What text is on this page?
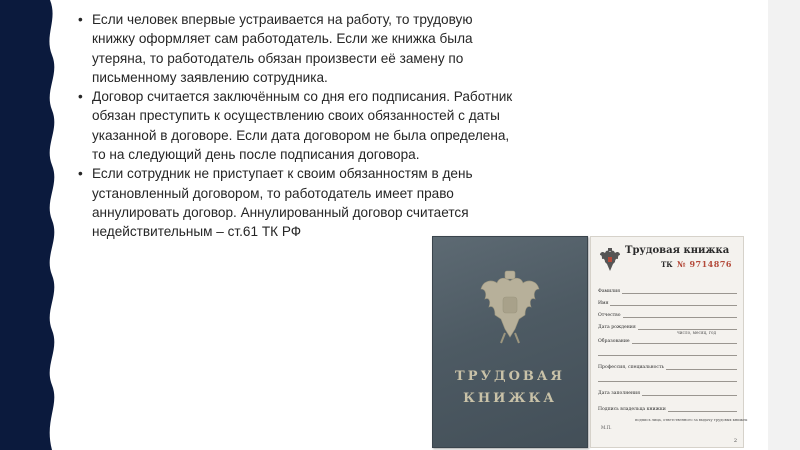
• Если человек впервые устраивается на работу, то трудовую книжку оформляет сам работодатель. Если же книжка была утеряна, то работодатель обязан произвести её замену по письменному заявлению сотрудника.
• Договор считается заключённым со дня его подписания. Работник обязан преступить к осуществлению своих обязанностей с даты указанной в договоре. Если дата договором не была определена, то на следующий день после подписания договора.
• Если сотрудник не приступает к своим обязанностям в день установленный договором, то работодатель имеет право аннулировать договор. Аннулированный договор считается недействительным – ст.61 ТК РФ
ТРУДОВАЯ
КНИЖКА
Трудовая книжка
ТК № 9714876
Фамилия
Имя
Отчество
Дата рождения
число, месяц, год
Образование
Профессия, специальность
Дата заполнения
Подпись владельца книжки
М.П.
подпись лица, ответственного за выдачу трудовых книжек
2
